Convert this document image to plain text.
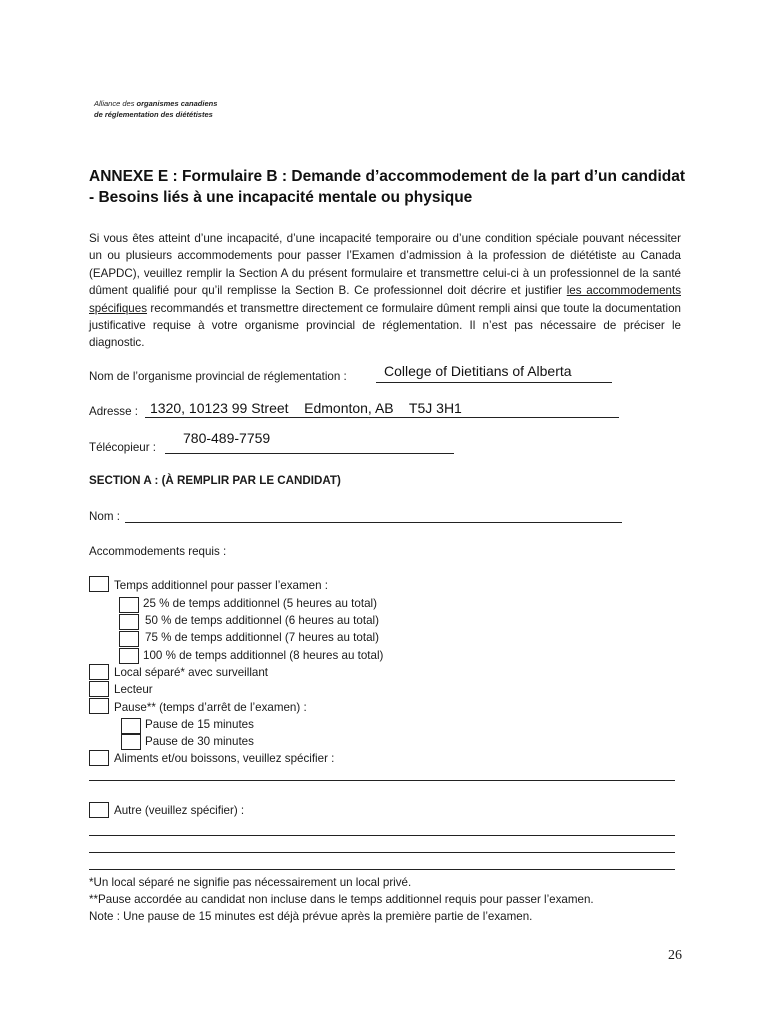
Alliance des organismes canadiens
de réglementation des diététistes
ANNEXE E : Formulaire B : Demande d’accommodement de la part d’un candidat - Besoins liés à une incapacité mentale ou physique
Si vous êtes atteint d’une incapacité, d’une incapacité temporaire ou d’une condition spéciale pouvant nécessiter un ou plusieurs accommodements pour passer l’Examen d’admission à la profession de diététiste au Canada (EAPDC), veuillez remplir la Section A du présent formulaire et transmettre celui-ci à un professionnel de la santé dûment qualifié pour qu’il remplisse la Section B. Ce professionnel doit décrire et justifier les accommodements spécifiques recommandés et transmettre directement ce formulaire dûment rempli ainsi que toute la documentation justificative requise à votre organisme provincial de réglementation. Il n’est pas nécessaire de préciser le diagnostic.
Nom de l’organisme provincial de réglementation :	College of Dietitians of Alberta
Adresse : 1320, 10123 99 Street    Edmonton, AB    T5J 3H1
Télécopieur :
780-489-7759
SECTION A : (À REMPLIR PAR LE CANDIDAT)
Nom :
Accommodements requis :
Temps additionnel pour passer l’examen :
25 % de temps additionnel (5 heures au total)
50 % de temps additionnel (6 heures au total)
75 % de temps additionnel (7 heures au total)
100 % de temps additionnel (8 heures au total)
Local séparé* avec surveillant
Lecteur
Pause** (temps d’arrêt de l’examen) :
Pause de 15 minutes
Pause de 30 minutes
Aliments et/ou boissons, veuillez spécifier :
Autre (veuillez spécifier) :
*Un local séparé ne signifie pas nécessairement un local privé.
**Pause accordée au candidat non incluse dans le temps additionnel requis pour passer l’examen.
Note : Une pause de 15 minutes est déjà prévue après la première partie de l’examen.
26
